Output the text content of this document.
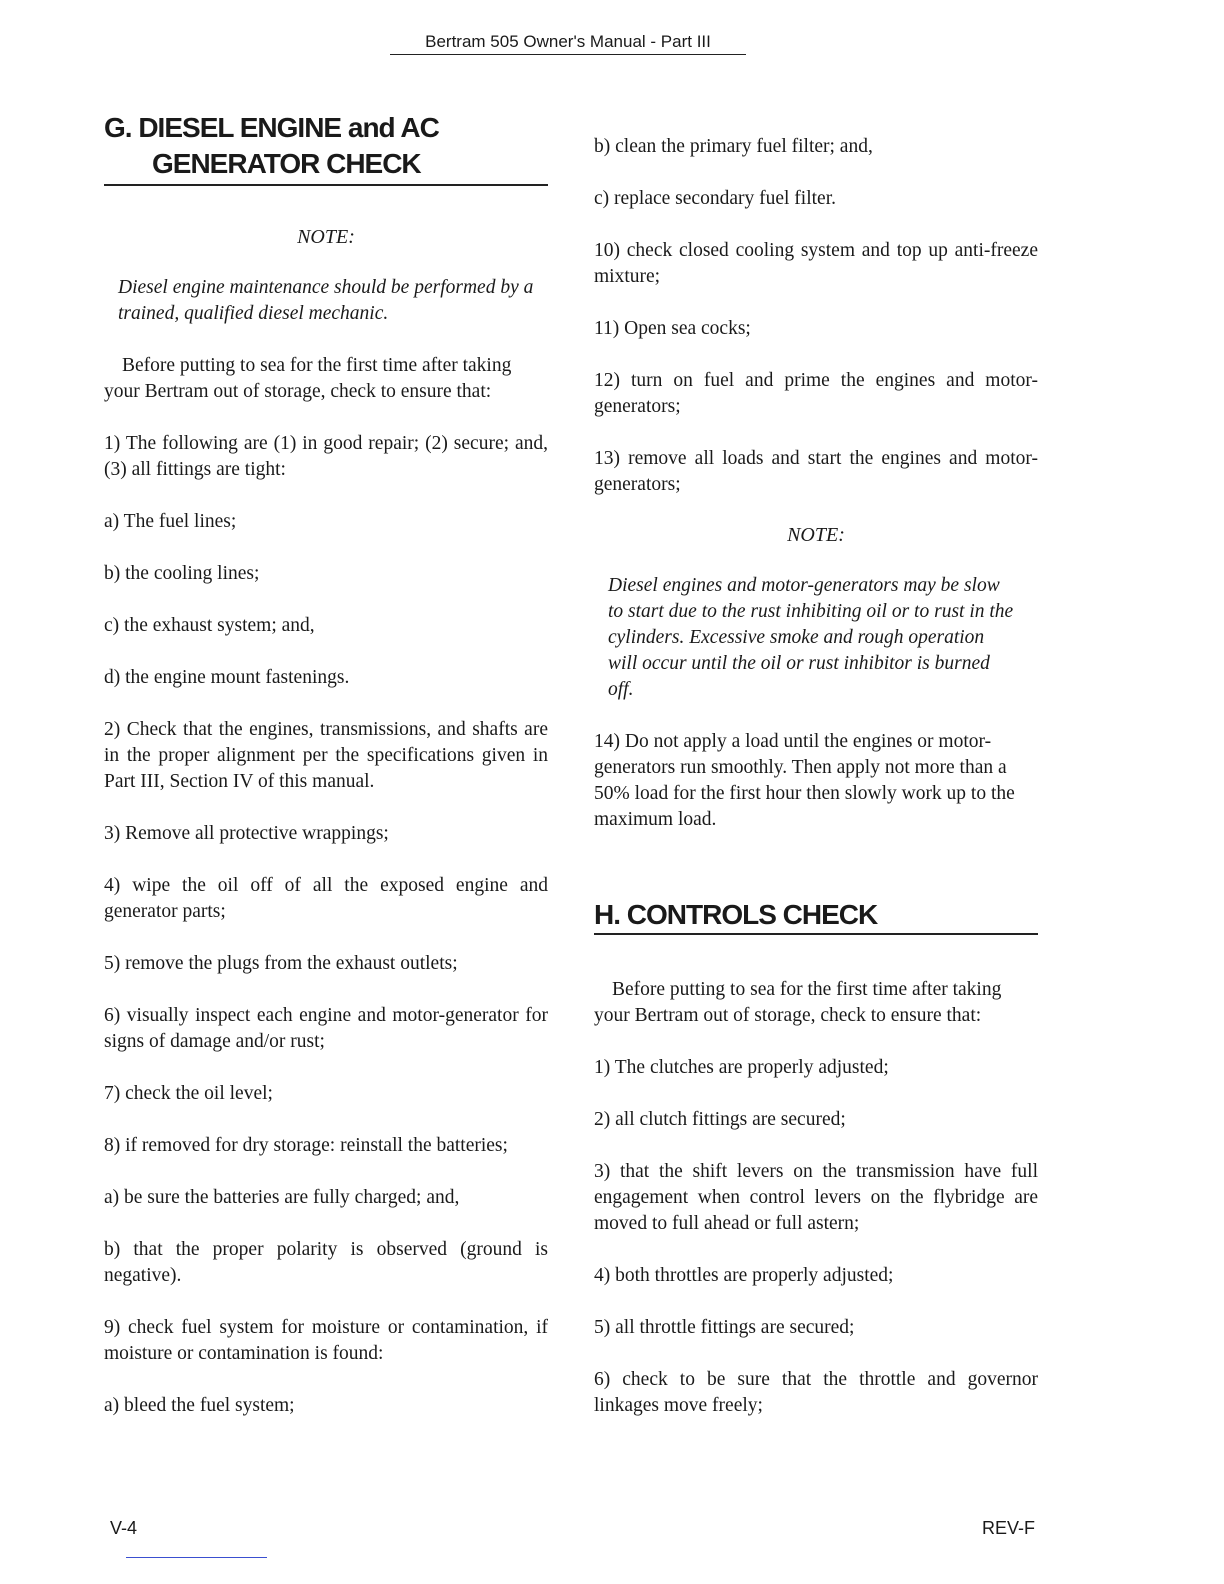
Bertram 505 Owner's Manual - Part III
G. DIESEL ENGINE and AC
GENERATOR CHECK

NOTE:

Diesel engine maintenance should be performed by a trained, qualified diesel mechanic.

Before putting to sea for the first time after taking your Bertram out of storage, check to ensure that:

1) The following are (1) in good repair; (2) secure; and, (3) all fittings are tight:

a) The fuel lines;

b) the cooling lines;

c) the exhaust system; and,

d) the engine mount fastenings.

2) Check that the engines, transmissions, and shafts are in the proper alignment per the specifications given in Part III, Section IV of this manual.

3) Remove all protective wrappings;

4) wipe the oil off of all the exposed engine and generator parts;

5) remove the plugs from the exhaust outlets;

6) visually inspect each engine and motor-generator for signs of damage and/or rust;

7) check the oil level;

8) if removed for dry storage: reinstall the batteries;

a) be sure the batteries are fully charged; and,

b) that the proper polarity is observed (ground is negative).

9) check fuel system for moisture or contamination, if moisture or contamination is found:

a) bleed the fuel system;

b) clean the primary fuel filter; and,

c) replace secondary fuel filter.

10) check closed cooling system and top up anti-freeze mixture;

11) Open sea cocks;

12) turn on fuel and prime the engines and motor-generators;

13) remove all loads and start the engines and motor-generators;

NOTE:

Diesel engines and motor-generators may be slow to start due to the rust inhibiting oil or to rust in the cylinders. Excessive smoke and rough operation will occur until the oil or rust inhibitor is burned off.

14) Do not apply a load until the engines or motor-generators run smoothly. Then apply not more than a 50% load for the first hour then slowly work up to the maximum load.

H. CONTROLS CHECK

Before putting to sea for the first time after taking your Bertram out of storage, check to ensure that:

1) The clutches are properly adjusted;

2) all clutch fittings are secured;

3) that the shift levers on the transmission have full engagement when control levers on the flybridge are moved to full ahead or full astern;

4) both throttles are properly adjusted;

5) all throttle fittings are secured;

6) check to be sure that the throttle and governor linkages move freely;

V-4	REV-F
